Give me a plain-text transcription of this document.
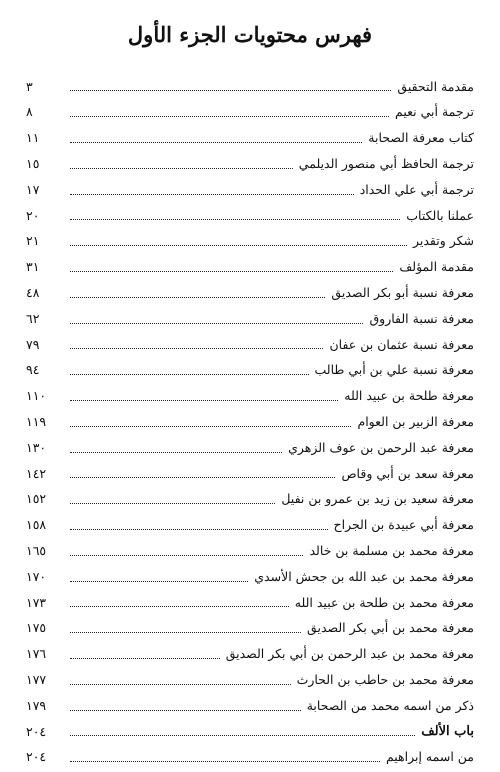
فهرس محتويات الجزء الأول
مقدمة التحقيق
٣
ترجمة أبي نعيم
٨
كتاب معرفة الصحابة
١١
ترجمة الحافظ أبي منصور الديلمي
١٥
ترجمة أبي علي الحداد
١٧
عملنا بالكتاب
٢٠
شكر وتقدير
٢١
مقدمة المؤلف
٣١
معرفة نسبة أبو بكر الصديق
٤٨
معرفة نسبة الفاروق
٦٢
معرفة نسبة عثمان بن عفان
٧٩
معرفة نسبة علي بن أبي طالب
٩٤
معرفة طلحة بن عبيد الله
١١٠
معرفة الزبير بن العوام
١١٩
معرفة عبد الرحمن بن عوف الزهري
١٣٠
معرفة سعد بن أبي وقاص
١٤٢
معرفة سعيد بن زيد بن عمرو بن نفيل
١٥٢
معرفة أبي عبيدة بن الجراح
١٥٨
معرفة محمد بن مسلمة بن خالد
١٦٥
معرفة محمد بن عبد الله بن جحش الأسدي
١٧٠
معرفة محمد بن طلحة بن عبيد الله
١٧٣
معرفة محمد بن أبي بكر الصديق
١٧٥
معرفة محمد بن عبد الرحمن بن أبي بكر الصديق
١٧٦
معرفة محمد بن حاطب بن الحارث
١٧٧
ذكر من اسمه محمد من الصحابة
١٧٩
باب الألف
٢٠٤
من اسمه إبراهيم
٢٠٤
